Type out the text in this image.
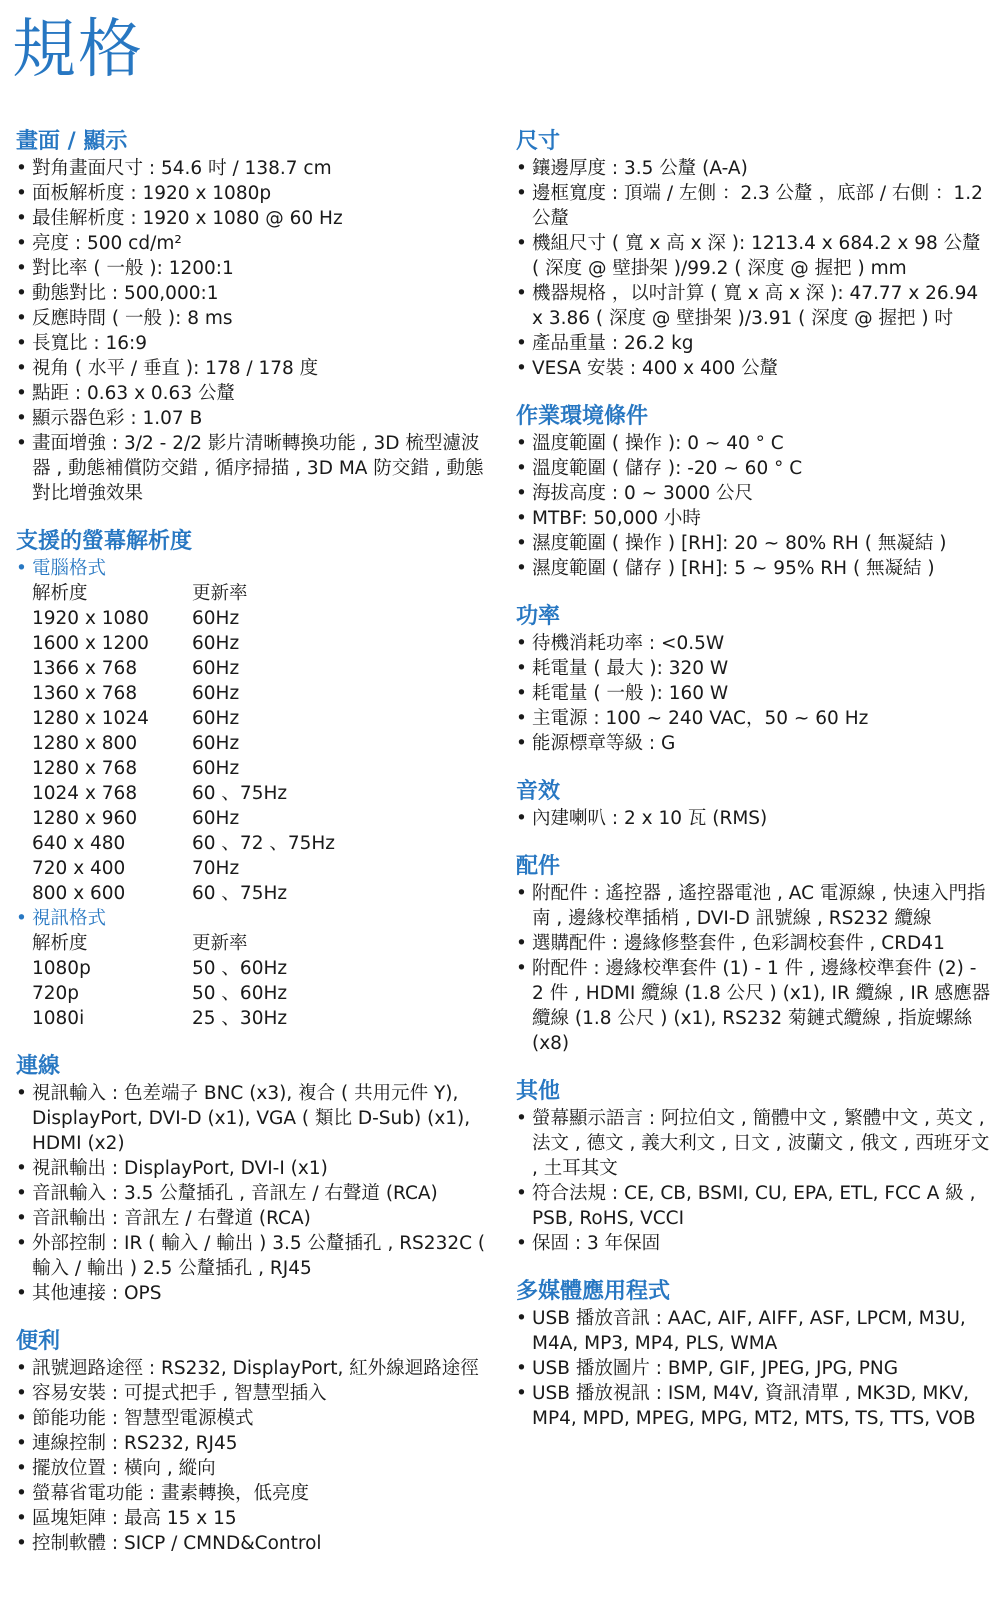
規格
畫面 / 顯示
• 對角畫面尺寸 : 54.6 吋 / 138.7 cm
• 面板解析度 : 1920 x 1080p
• 最佳解析度 : 1920 x 1080 @ 60 Hz
• 亮度 : 500 cd/m²
• 對比率 ( 一般 ): 1200:1
• 動態對比 : 500,000:1
• 反應時間 ( 一般 ): 8 ms
• 長寬比 : 16:9
• 視角 ( 水平 / 垂直 ): 178 / 178 度
• 點距 : 0.63 x 0.63 公釐
• 顯示器色彩 : 1.07 B
• 畫面增強 : 3/2 - 2/2 影片清晰轉換功能 , 3D 梳型濾波器 , 動態補償防交錯 , 循序掃描 , 3D MA 防交錯 , 動態對比增強效果
支援的螢幕解析度
• 電腦格式
解析度	更新率
1920 x 1080	60Hz
1600 x 1200	60Hz
1366 x 768	60Hz
1360 x 768	60Hz
1280 x 1024	60Hz
1280 x 800	60Hz
1280 x 768	60Hz
1024 x 768	60 、75Hz
1280 x 960	60Hz
640 x 480	60 、72 、75Hz
720 x 400	70Hz
800 x 600	60 、75Hz
• 視訊格式
解析度	更新率
1080p	50 、60Hz
720p	50 、60Hz
1080i	25 、30Hz
連線
• 視訊輸入 : 色差端子 BNC (x3), 複合 ( 共用元件 Y), DisplayPort, DVI-D (x1), VGA ( 類比 D-Sub) (x1), HDMI (x2)
• 視訊輸出 : DisplayPort, DVI-I (x1)
• 音訊輸入 : 3.5 公釐插孔 , 音訊左 / 右聲道 (RCA)
• 音訊輸出 : 音訊左 / 右聲道 (RCA)
• 外部控制 : IR ( 輸入 / 輸出 ) 3.5 公釐插孔 , RS232C ( 輸入 / 輸出 ) 2.5 公釐插孔 , RJ45
• 其他連接 : OPS
便利
• 訊號迴路途徑 : RS232, DisplayPort, 紅外線迴路途徑
• 容易安裝 : 可提式把手 , 智慧型插入
• 節能功能 : 智慧型電源模式
• 連線控制 : RS232, RJ45
• 擺放位置 : 橫向 , 縱向
• 螢幕省電功能 : 畫素轉換，低亮度
• 區塊矩陣 : 最高 15 x 15
• 控制軟體 : SICP / CMND&Control
尺寸
• 鑲邊厚度 : 3.5 公釐 (A-A)
• 邊框寬度 : 頂端 / 左側 ：2.3 公釐 ，底部 / 右側 ：1.2 公釐
• 機組尺寸 ( 寬 x 高 x 深 ): 1213.4 x 684.2 x 98 公釐 ( 深度 @ 壁掛架 )/99.2 ( 深度 @ 握把 ) mm
• 機器規格 ，以吋計算 ( 寬 x 高 x 深 ): 47.77 x 26.94 x 3.86 ( 深度 @ 壁掛架 )/3.91 ( 深度 @ 握把 ) 吋
• 產品重量 : 26.2 kg
• VESA 安裝 : 400 x 400 公釐
作業環境條件
• 溫度範圍 ( 操作 ): 0 ~ 40 ° C
• 溫度範圍 ( 儲存 ): -20 ~ 60 ° C
• 海拔高度 : 0 ~ 3000 公尺
• MTBF: 50,000 小時
• 濕度範圍 ( 操作 ) [RH]: 20 ~ 80% RH ( 無凝結 )
• 濕度範圍 ( 儲存 ) [RH]: 5 ~ 95% RH ( 無凝結 )
功率
• 待機消耗功率 : <0.5W
• 耗電量 ( 最大 ): 320 W
• 耗電量 ( 一般 ): 160 W
• 主電源 : 100 ~ 240 VAC，50 ~ 60 Hz
• 能源標章等級 : G
音效
• 內建喇叭 : 2 x 10 瓦 (RMS)
配件
• 附配件 : 遙控器 , 遙控器電池 , AC 電源線 , 快速入門指南 , 邊緣校準插梢 , DVI-D 訊號線 , RS232 纜線
• 選購配件 : 邊緣修整套件 , 色彩調校套件 , CRD41
• 附配件 : 邊緣校準套件 (1) - 1 件 , 邊緣校準套件 (2) - 2 件 , HDMI 纜線 (1.8 公尺 ) (x1), IR 纜線 , IR 感應器纜線 (1.8 公尺 ) (x1), RS232 菊鏈式纜線 , 指旋螺絲 (x8)
其他
• 螢幕顯示語言 : 阿拉伯文 , 簡體中文 , 繁體中文 , 英文 , 法文 , 德文 , 義大利文 , 日文 , 波蘭文 , 俄文 , 西班牙文 , 土耳其文
• 符合法規 : CE, CB, BSMI, CU, EPA, ETL, FCC A 級 , PSB, RoHS, VCCI
• 保固 : 3 年保固
多媒體應用程式
• USB 播放音訊 : AAC, AIF, AIFF, ASF, LPCM, M3U, M4A, MP3, MP4, PLS, WMA
• USB 播放圖片 : BMP, GIF, JPEG, JPG, PNG
• USB 播放視訊 : ISM, M4V, 資訊清單 , MK3D, MKV, MP4, MPD, MPEG, MPG, MT2, MTS, TS, TTS, VOB
